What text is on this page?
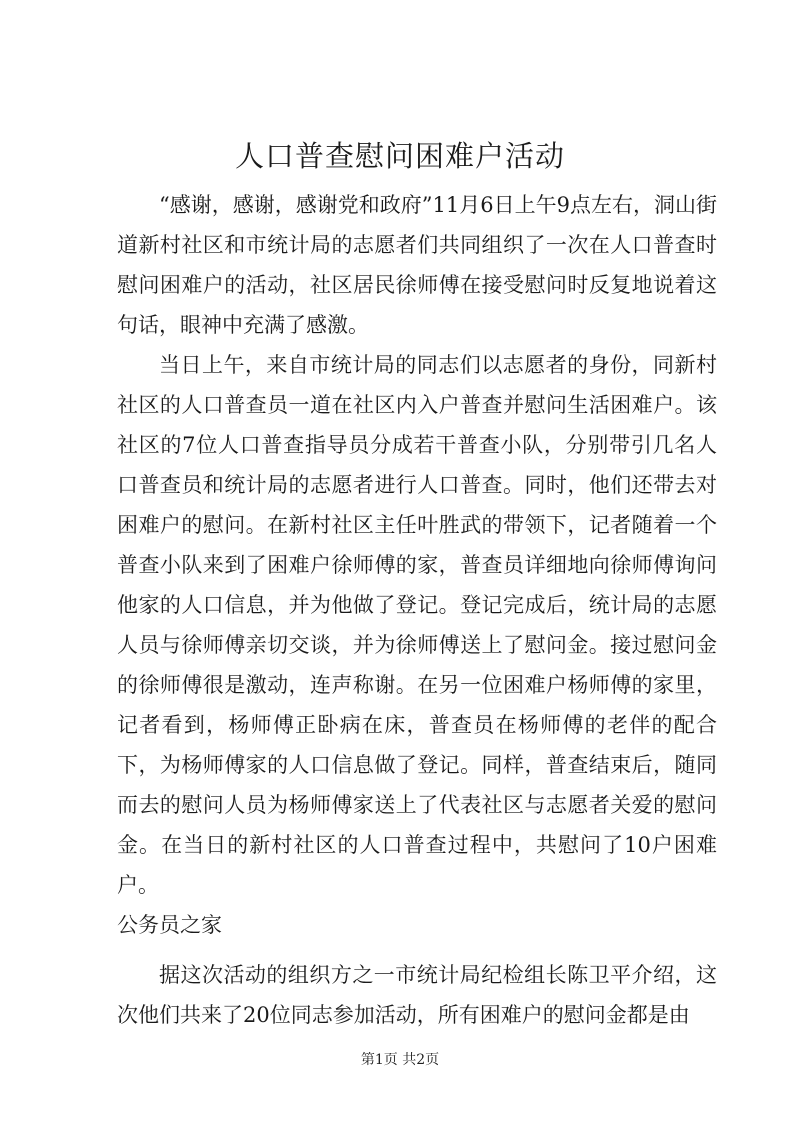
人口普查慰问困难户活动

“感谢，感谢，感谢党和政府”11月6日上午9点左右，洞山街道新村社区和市统计局的志愿者们共同组织了一次在人口普查时慰问困难户的活动，社区居民徐师傅在接受慰问时反复地说着这句话，眼神中充满了感激。

当日上午，来自市统计局的同志们以志愿者的身份，同新村社区的人口普查员一道在社区内入户普查并慰问生活困难户。该社区的7位人口普查指导员分成若干普查小队，分别带引几名人口普查员和统计局的志愿者进行人口普查。同时，他们还带去对困难户的慰问。在新村社区主任叶胜武的带领下，记者随着一个普查小队来到了困难户徐师傅的家，普查员详细地向徐师傅询问他家的人口信息，并为他做了登记。登记完成后，统计局的志愿人员与徐师傅亲切交谈，并为徐师傅送上了慰问金。接过慰问金的徐师傅很是激动，连声称谢。在另一位困难户杨师傅的家里，记者看到，杨师傅正卧病在床，普查员在杨师傅的老伴的配合下，为杨师傅家的人口信息做了登记。同样，普查结束后，随同而去的慰问人员为杨师傅家送上了代表社区与志愿者关爱的慰问金。在当日的新村社区的人口普查过程中，共慰问了10户困难户。

公务员之家

据这次活动的组织方之一市统计局纪检组长陈卫平介绍，这次他们共来了20位同志参加活动，所有困难户的慰问金都是由

第1页 共2页
